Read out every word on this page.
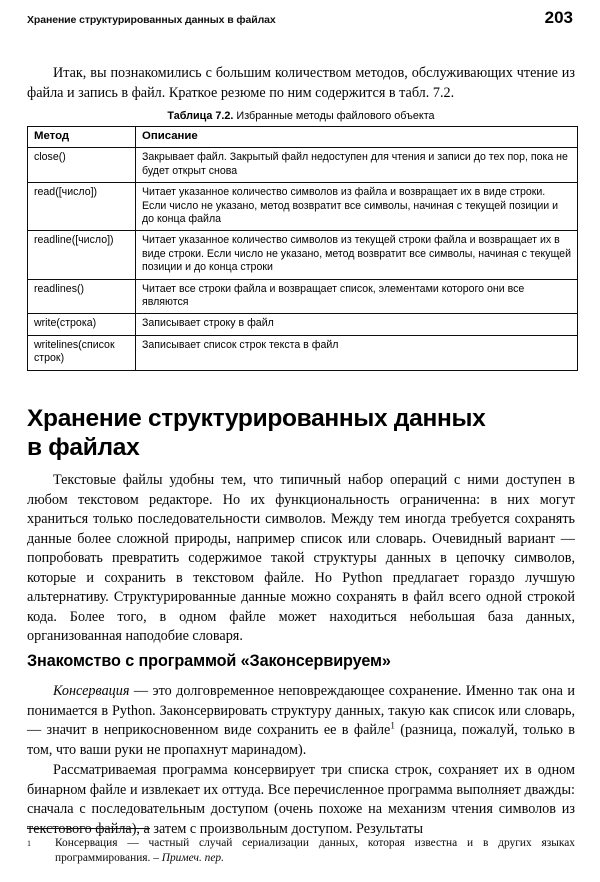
Хранение структурированных данных в файлах	203

Итак, вы познакомились с большим количеством методов, обслуживающих чтение из файла и запись в файл. Краткое резюме по ним содержится в табл. 7.2.

Таблица 7.2. Избранные методы файлового объекта
Метод	Описание
close()	Закрывает файл. Закрытый файл недоступен для чтения и записи до тех пор, пока не будет открыт снова
read([число])	Читает указанное количество символов из файла и возвращает их в виде строки. Если число не указано, метод возвратит все символы, начиная с текущей позиции и до конца файла
readline([число])	Читает указанное количество символов из текущей строки файла и возвращает их в виде строки. Если число не указано, метод возвратит все символы, начиная с текущей позиции и до конца строки
readlines()	Читает все строки файла и возвращает список, элементами которого они все являются
write(строка)	Записывает строку в файл
writelines(список строк)	Записывает список строк текста в файл
Хранение структурированных данных
в файлах

Текстовые файлы удобны тем, что типичный набор операций с ними доступен в любом текстовом редакторе. Но их функциональность ограниченна: в них могут храниться только последовательности символов. Между тем иногда требуется сохранять данные более сложной природы, например список или словарь. Очевидный вариант — попробовать превратить содержимое такой структуры данных в цепочку символов, которые и сохранить в текстовом файле. Но Python предлагает гораздо лучшую альтернативу. Структурированные данные можно сохранять в файл всего одной строкой кода. Более того, в одном файле может находиться небольшая база данных, организованная наподобие словаря.

Знакомство с программой «Законсервируем»

Консервация — это долговременное неповреждающее сохранение. Именно так она и понимается в Python. Законсервировать структуру данных, такую как список или словарь, — значит в неприкосновенном виде сохранить ее в файле$^1$ (разница, пожалуй, только в том, что ваши руки не пропахнут маринадом).

Рассматриваемая программа консервирует три списка строк, сохраняет их в одном бинарном файле и извлекает их оттуда. Все перечисленное программа выполняет дважды: сначала с последовательным доступом (очень похоже на механизм чтения символов из текстового файла), а затем с произвольным доступом. Результаты

1	Консервация — частный случай сериализации данных, которая известна и в других языках программирования. – Примеч. пер.
